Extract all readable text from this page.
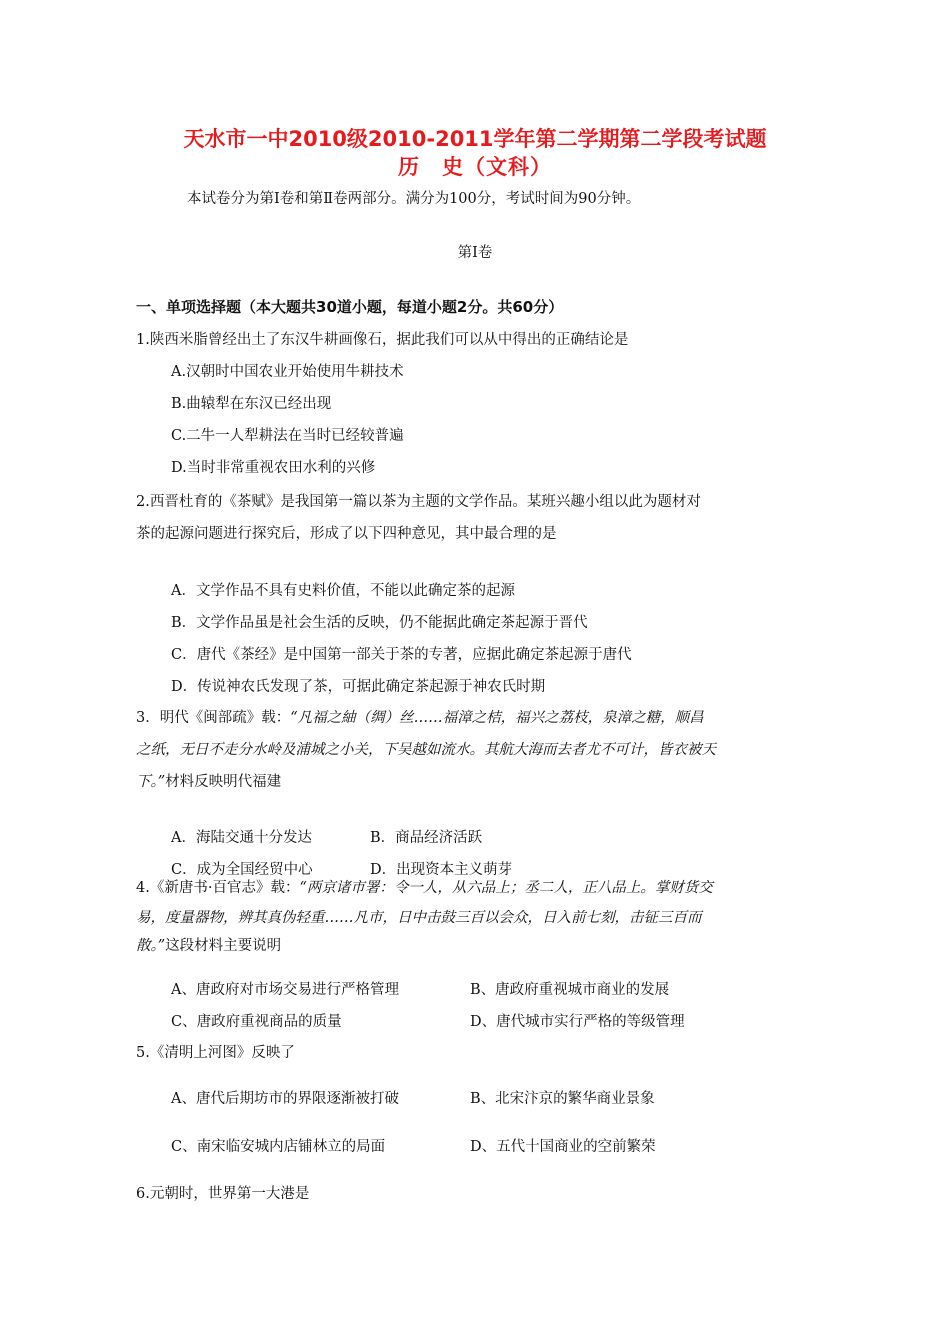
天水市一中2010级2010-2011学年第二学期第二学段考试题
历　史（文科）
本试卷分为第Ⅰ卷和第Ⅱ卷两部分。满分为100分，考试时间为90分钟。
第Ⅰ卷
一、单项选择题（本大题共30道小题，每道小题2分。共60分）
1.陕西米脂曾经出土了东汉牛耕画像石，据此我们可以从中得出的正确结论是
A.汉朝时中国农业开始使用牛耕技术
B.曲辕犁在东汉已经出现
C.二牛一人犁耕法在当时已经较普遍
D.当时非常重视农田水利的兴修
2.西晋杜育的《茶赋》是我国第一篇以茶为主题的文学作品。某班兴趣小组以此为题材对
茶的起源问题进行探究后，形成了以下四种意见，其中最合理的是
A．文学作品不具有史料价值，不能以此确定茶的起源
B．文学作品虽是社会生活的反映，仍不能据此确定茶起源于晋代
C．唐代《茶经》是中国第一部关于茶的专著，应据此确定茶起源于唐代
D．传说神农氏发现了茶，可据此确定茶起源于神农氏时期
3．明代《闽部疏》载：“凡福之紬（绸）丝……福漳之桔，福兴之荔枝，泉漳之糖，顺昌
之纸，无日不走分水岭及浦城之小关，下吴越如流水。其航大海而去者尤不可计，皆衣被天
下。”材料反映明代福建
A．海陆交通十分发达	B．商品经济活跃
C．成为全国经贸中心	D．出现资本主义萌芽
4.《新唐书·百官志》载：“两京诸市署：令一人，从六品上；丞二人，正八品上。掌财货交
易，度量器物，辨其真伪轻重……凡市，日中击鼓三百以会众，日入前七刻，击钲三百而
散。”这段材料主要说明
A、唐政府对市场交易进行严格管理	B、唐政府重视城市商业的发展
C、唐政府重视商品的质量	D、唐代城市实行严格的等级管理
5.《清明上河图》反映了
A、唐代后期坊市的界限逐渐被打破	B、北宋汴京的繁华商业景象
C、南宋临安城内店铺林立的局面	D、五代十国商业的空前繁荣
6.元朝时，世界第一大港是
